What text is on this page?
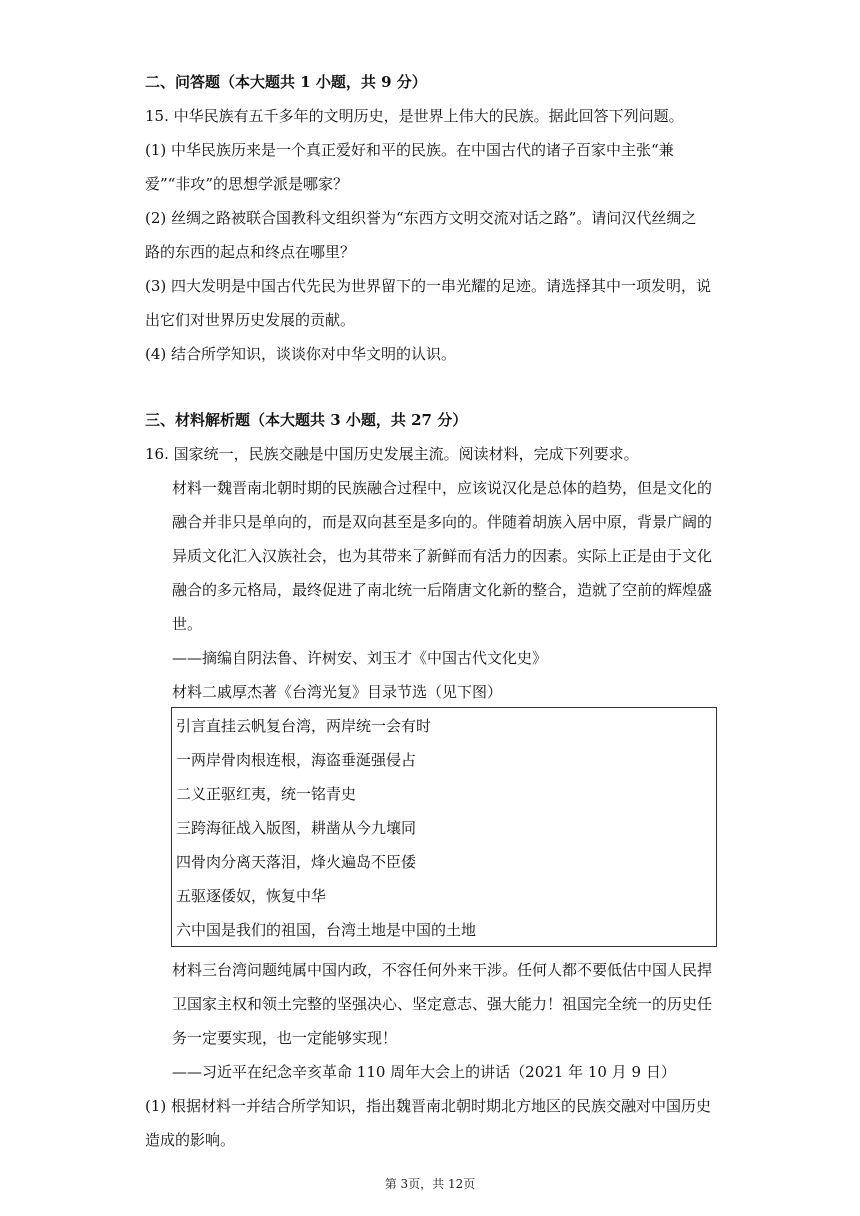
二、问答题（本大题共 1 小题，共 9 分）
15. 中华民族有五千多年的文明历史，是世界上伟大的民族。据此回答下列问题。
(1) 中华民族历来是一个真正爱好和平的民族。在中国古代的诸子百家中主张“兼
爱”“非攻”的思想学派是哪家？
(2) 丝绸之路被联合国教科文组织誉为“东西方文明交流对话之路”。请问汉代丝绸之
路的东西的起点和终点在哪里？
(3) 四大发明是中国古代先民为世界留下的一串光耀的足迹。请选择其中一项发明，说
出它们对世界历史发展的贡献。
(4) 结合所学知识，谈谈你对中华文明的认识。
三、材料解析题（本大题共 3 小题，共 27 分）
16. 国家统一，民族交融是中国历史发展主流。阅读材料，完成下列要求。
材料一魏晋南北朝时期的民族融合过程中，应该说汉化是总体的趋势，但是文化的
融合并非只是单向的，而是双向甚至是多向的。伴随着胡族入居中原，背景广阔的
异质文化汇入汉族社会，也为其带来了新鲜而有活力的因素。实际上正是由于文化
融合的多元格局，最终促进了南北统一后隋唐文化新的整合，造就了空前的辉煌盛
世。
——摘编自阴法鲁、许树安、刘玉才《中国古代文化史》
材料二戚厚杰著《台湾光复》目录节选（见下图）
引言直挂云帆复台湾，两岸统一会有时
一两岸骨肉根连根，海盗垂涎强侵占
二义正驱红夷，统一铭青史
三跨海征战入版图，耕凿从今九壤同
四骨肉分离天落泪，烽火遍岛不臣倭
五驱逐倭奴，恢复中华
六中国是我们的祖国，台湾土地是中国的土地
材料三台湾问题纯属中国内政，不容任何外来干涉。任何人都不要低估中国人民捍
卫国家主权和领土完整的坚强决心、坚定意志、强大能力！祖国完全统一的历史任
务一定要实现，也一定能够实现！
——习近平在纪念辛亥革命 110 周年大会上的讲话（2021 年 10 月 9 日）
(1) 根据材料一并结合所学知识，指出魏晋南北朝时期北方地区的民族交融对中国历史
造成的影响。
第 3页，共 12页
